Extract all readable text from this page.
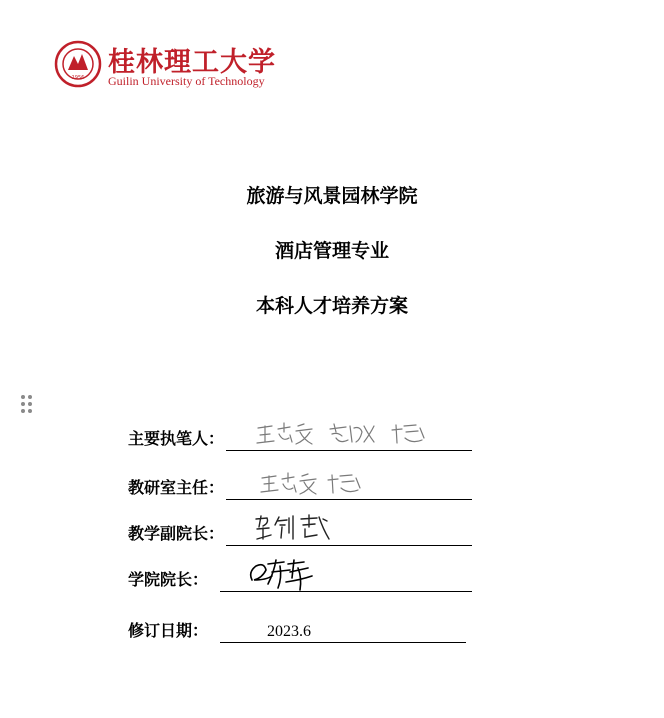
1956 桂林理工大学
Guilin University of Technology
旅游与风景园林学院
酒店管理专业
本科人才培养方案
主要执笔人：
教研室主任：
教学副院长：
学院院长：
修订日期：	2023.6
